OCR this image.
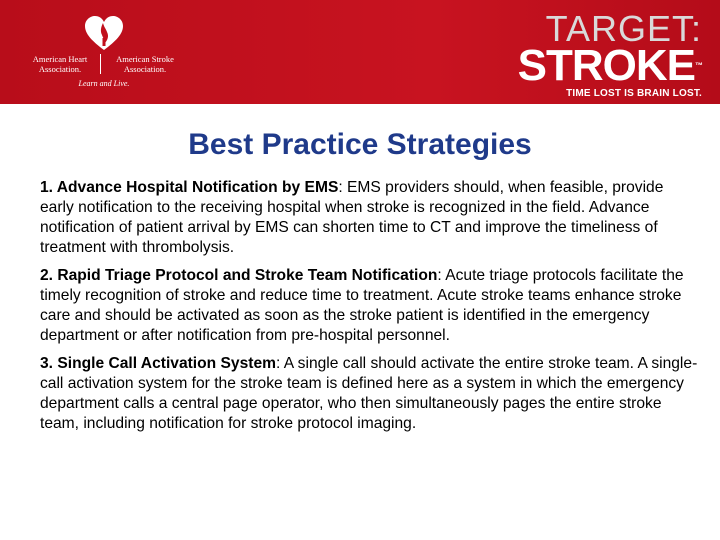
American Heart
Association.
American Stroke
Association.
Learn and Live.
TARGET:
STROKE™
TIME LOST IS BRAIN LOST.
Best Practice Strategies

1. Advance Hospital Notification by EMS: EMS providers should, when feasible, provide early notification to the receiving hospital when stroke is recognized in the field. Advance notification of patient arrival by EMS can shorten time to CT and improve the timeliness of treatment with thrombolysis.

2. Rapid Triage Protocol and Stroke Team Notification: Acute triage protocols facilitate the timely recognition of stroke and reduce time to treatment. Acute stroke teams enhance stroke care and should be activated as soon as the stroke patient is identified in the emergency department or after notification from pre-hospital personnel.

3. Single Call Activation System: A single call should activate the entire stroke team. A single-call activation system for the stroke team is defined here as a system in which the emergency department calls a central page operator, who then simultaneously pages the entire stroke team, including notification for stroke protocol imaging.
